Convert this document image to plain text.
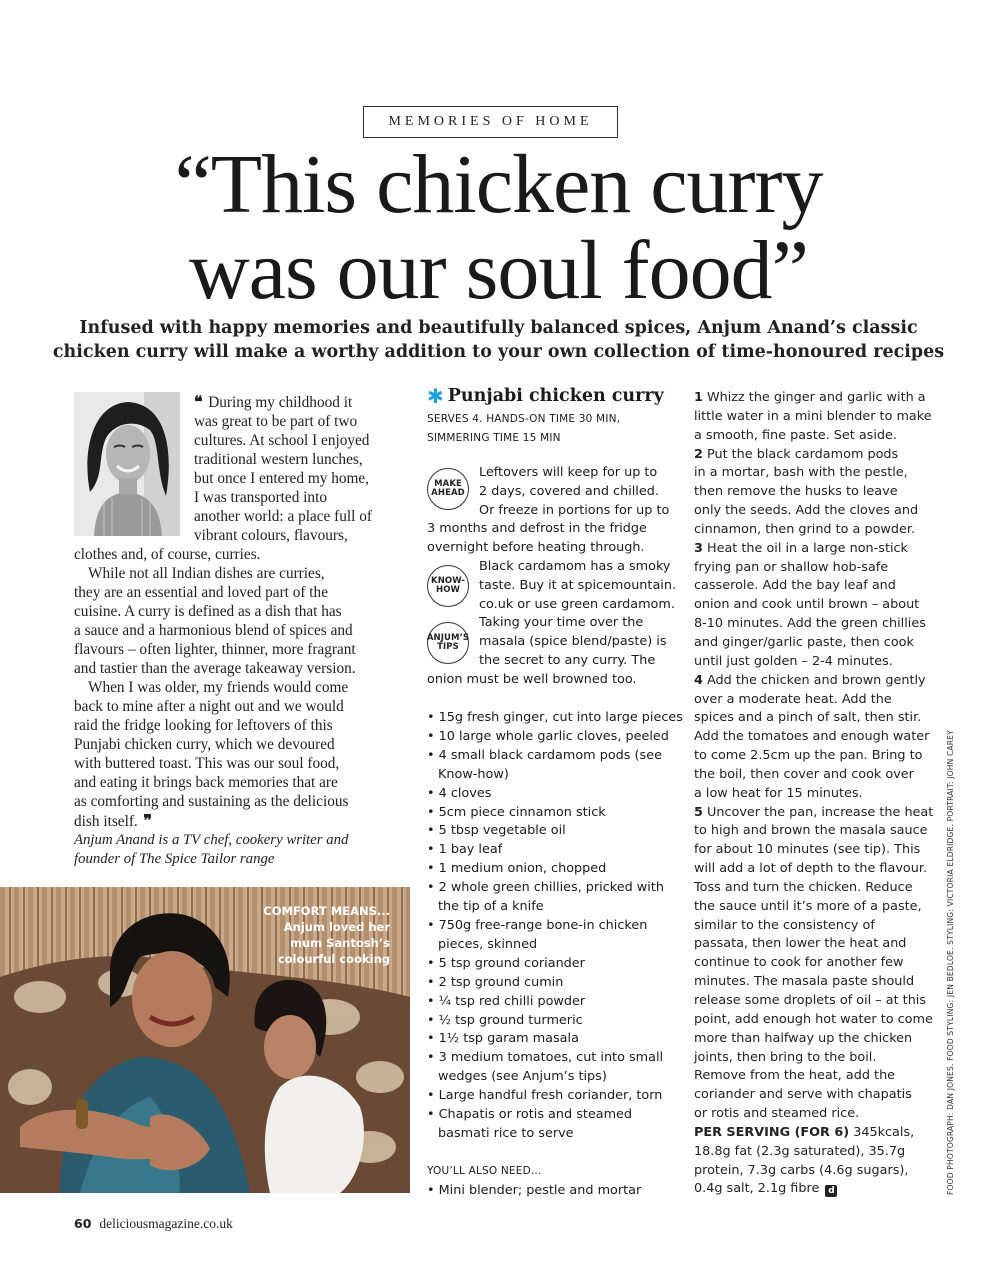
MEMORIES OF HOME
“This chicken curry
was our soul food”
Infused with happy memories and beautifully balanced spices, Anjum Anand’s classic
chicken curry will make a worthy addition to your own collection of time-honoured recipes
❝ During my childhood it
was great to be part of two
cultures. At school I enjoyed
traditional western lunches,
but once I entered my home,
I was transported into
another world: a place full of
vibrant colours, flavours,
clothes and, of course, curries.
While not all Indian dishes are curries,
they are an essential and loved part of the
cuisine. A curry is defined as a dish that has
a sauce and a harmonious blend of spices and
flavours – often lighter, thinner, more fragrant
and tastier than the average takeaway version.
When I was older, my friends would come
back to mine after a night out and we would
raid the fridge looking for leftovers of this
Punjabi chicken curry, which we devoured
with buttered toast. This was our soul food,
and eating it brings back memories that are
as comforting and sustaining as the delicious
dish itself. ❞
Anjum Anand is a TV chef, cookery writer and
founder of The Spice Tailor range
COMFORT MEANS...
Anjum loved her
mum Santosh’s
colourful cooking
60 deliciousmagazine.co.uk
✱ Punjabi chicken curry
SERVES 4. HANDS-ON TIME 30 MIN,
SIMMERING TIME 15 MIN
MAKE AHEAD
KNOW-HOW
ANJUM’S TIPS
Leftovers will keep for up to
2 days, covered and chilled.
Or freeze in portions for up to
3 months and defrost in the fridge
overnight before heating through.
Black cardamom has a smoky
taste. Buy it at spicemountain.
co.uk or use green cardamom.
Taking your time over the
masala (spice blend/paste) is
the secret to any curry. The
onion must be well browned too.
• 15g fresh ginger, cut into large pieces
• 10 large whole garlic cloves, peeled
• 4 small black cardamom pods (see
Know-how)
• 4 cloves
• 5cm piece cinnamon stick
• 5 tbsp vegetable oil
• 1 bay leaf
• 1 medium onion, chopped
• 2 whole green chillies, pricked with
the tip of a knife
• 750g free-range bone-in chicken
pieces, skinned
• 5 tsp ground coriander
• 2 tsp ground cumin
• ¼ tsp red chilli powder
• ½ tsp ground turmeric
• 1½ tsp garam masala
• 3 medium tomatoes, cut into small
wedges (see Anjum’s tips)
• Large handful fresh coriander, torn
• Chapatis or rotis and steamed
basmati rice to serve
YOU’LL ALSO NEED...
• Mini blender; pestle and mortar
1 Whizz the ginger and garlic with a
little water in a mini blender to make
a smooth, fine paste. Set aside.
2 Put the black cardamom pods
in a mortar, bash with the pestle,
then remove the husks to leave
only the seeds. Add the cloves and
cinnamon, then grind to a powder.
3 Heat the oil in a large non-stick
frying pan or shallow hob-safe
casserole. Add the bay leaf and
onion and cook until brown – about
8-10 minutes. Add the green chillies
and ginger/garlic paste, then cook
until just golden – 2-4 minutes.
4 Add the chicken and brown gently
over a moderate heat. Add the
spices and a pinch of salt, then stir.
Add the tomatoes and enough water
to come 2.5cm up the pan. Bring to
the boil, then cover and cook over
a low heat for 15 minutes.
5 Uncover the pan, increase the heat
to high and brown the masala sauce
for about 10 minutes (see tip). This
will add a lot of depth to the flavour.
Toss and turn the chicken. Reduce
the sauce until it’s more of a paste,
similar to the consistency of
passata, then lower the heat and
continue to cook for another few
minutes. The masala paste should
release some droplets of oil – at this
point, add enough hot water to come
more than halfway up the chicken
joints, then bring to the boil.
Remove from the heat, add the
coriander and serve with chapatis
or rotis and steamed rice.
PER SERVING (FOR 6) 345kcals,
18.8g fat (2.3g saturated), 35.7g
protein, 7.3g carbs (4.6g sugars),
0.4g salt, 2.1g fibre d	FOOD PHOTOGRAPH: DAN JONES. FOOD STYLING: JEN BEDLOE. STYLING: VICTORIA ELDRIDGE. PORTRAIT: JOHN CAREY
